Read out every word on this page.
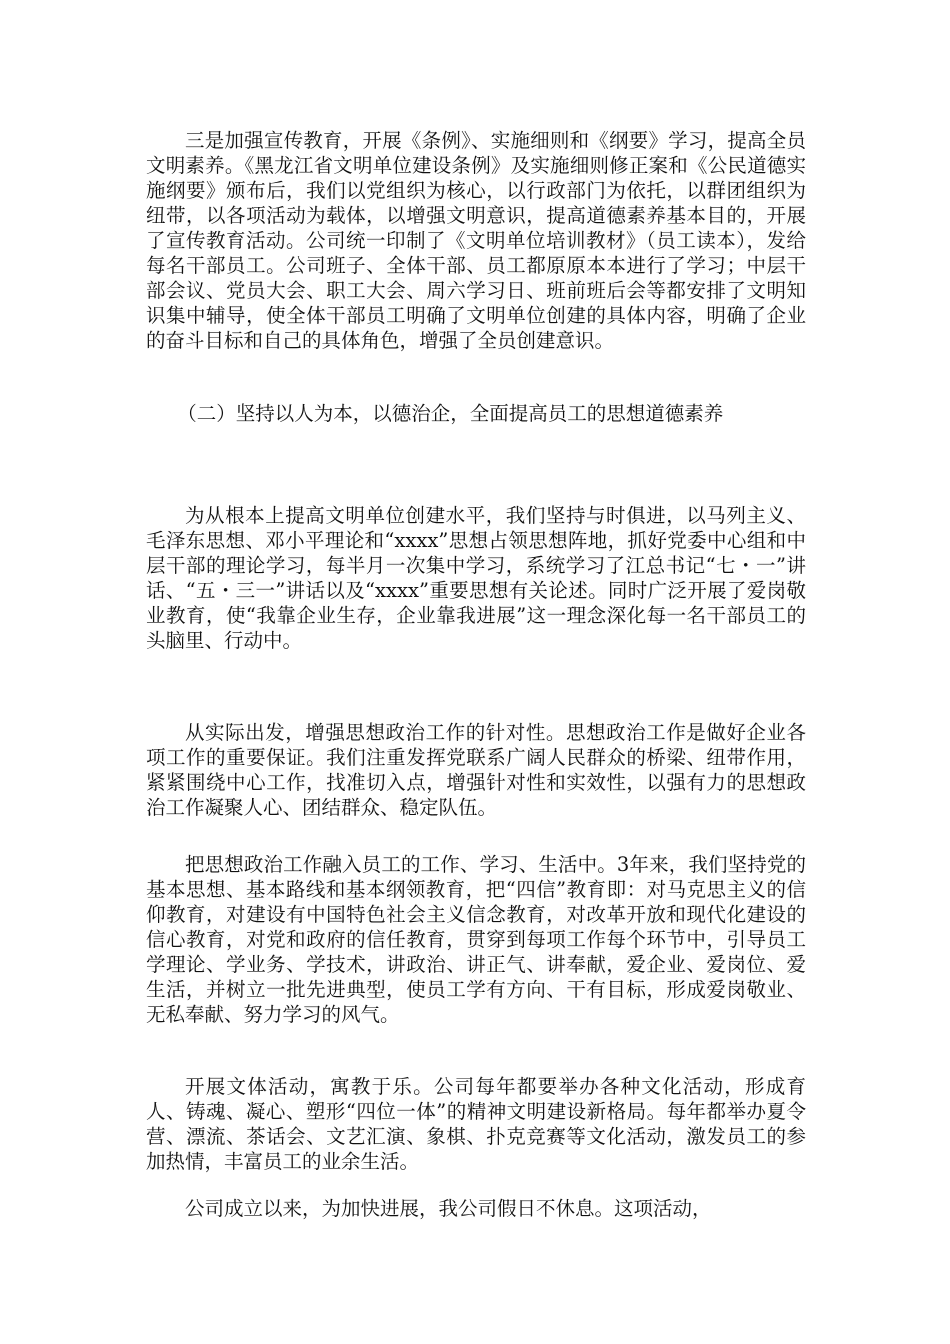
三是加强宣传教育，开展《条例》、实施细则和《纲要》学习，提高全员文明素养。《黑龙江省文明单位建设条例》及实施细则修正案和《公民道德实施纲要》颁布后，我们以党组织为核心，以行政部门为依托，以群团组织为纽带，以各项活动为载体，以增强文明意识，提高道德素养基本目的，开展了宣传教育活动。公司统一印制了《文明单位培训教材》（员工读本），发给每名干部员工。公司班子、全体干部、员工都原原本本进行了学习；中层干部会议、党员大会、职工大会、周六学习日、班前班后会等都安排了文明知识集中辅导，使全体干部员工明确了文明单位创建的具体内容，明确了企业的奋斗目标和自己的具体角色，增强了全员创建意识。

（二）坚持以人为本，以德治企，全面提高员工的思想道德素养

为从根本上提高文明单位创建水平，我们坚持与时俱进，以马列主义、毛泽东思想、邓小平理论和“xxxx”思想占领思想阵地，抓好党委中心组和中层干部的理论学习，每半月一次集中学习，系统学习了江总书记“七・一”讲话、“五・三一”讲话以及“xxxx”重要思想有关论述。同时广泛开展了爱岗敬业教育，使“我靠企业生存，企业靠我进展”这一理念深化每一名干部员工的头脑里、行动中。

从实际出发，增强思想政治工作的针对性。思想政治工作是做好企业各项工作的重要保证。我们注重发挥党联系广阔人民群众的桥梁、纽带作用，紧紧围绕中心工作，找准切入点，增强针对性和实效性，以强有力的思想政治工作凝聚人心、团结群众、稳定队伍。

把思想政治工作融入员工的工作、学习、生活中。3年来，我们坚持党的基本思想、基本路线和基本纲领教育，把“四信”教育即：对马克思主义的信仰教育，对建设有中国特色社会主义信念教育，对改革开放和现代化建设的信心教育，对党和政府的信任教育，贯穿到每项工作每个环节中，引导员工学理论、学业务、学技术，讲政治、讲正气、讲奉献，爱企业、爱岗位、爱生活，并树立一批先进典型，使员工学有方向、干有目标，形成爱岗敬业、无私奉献、努力学习的风气。

开展文体活动，寓教于乐。公司每年都要举办各种文化活动，形成育人、铸魂、凝心、塑形“四位一体”的精神文明建设新格局。每年都举办夏令营、漂流、茶话会、文艺汇演、象棋、扑克竞赛等文化活动，激发员工的参加热情，丰富员工的业余生活。

公司成立以来，为加快进展，我公司假日不休息。这项活动，
